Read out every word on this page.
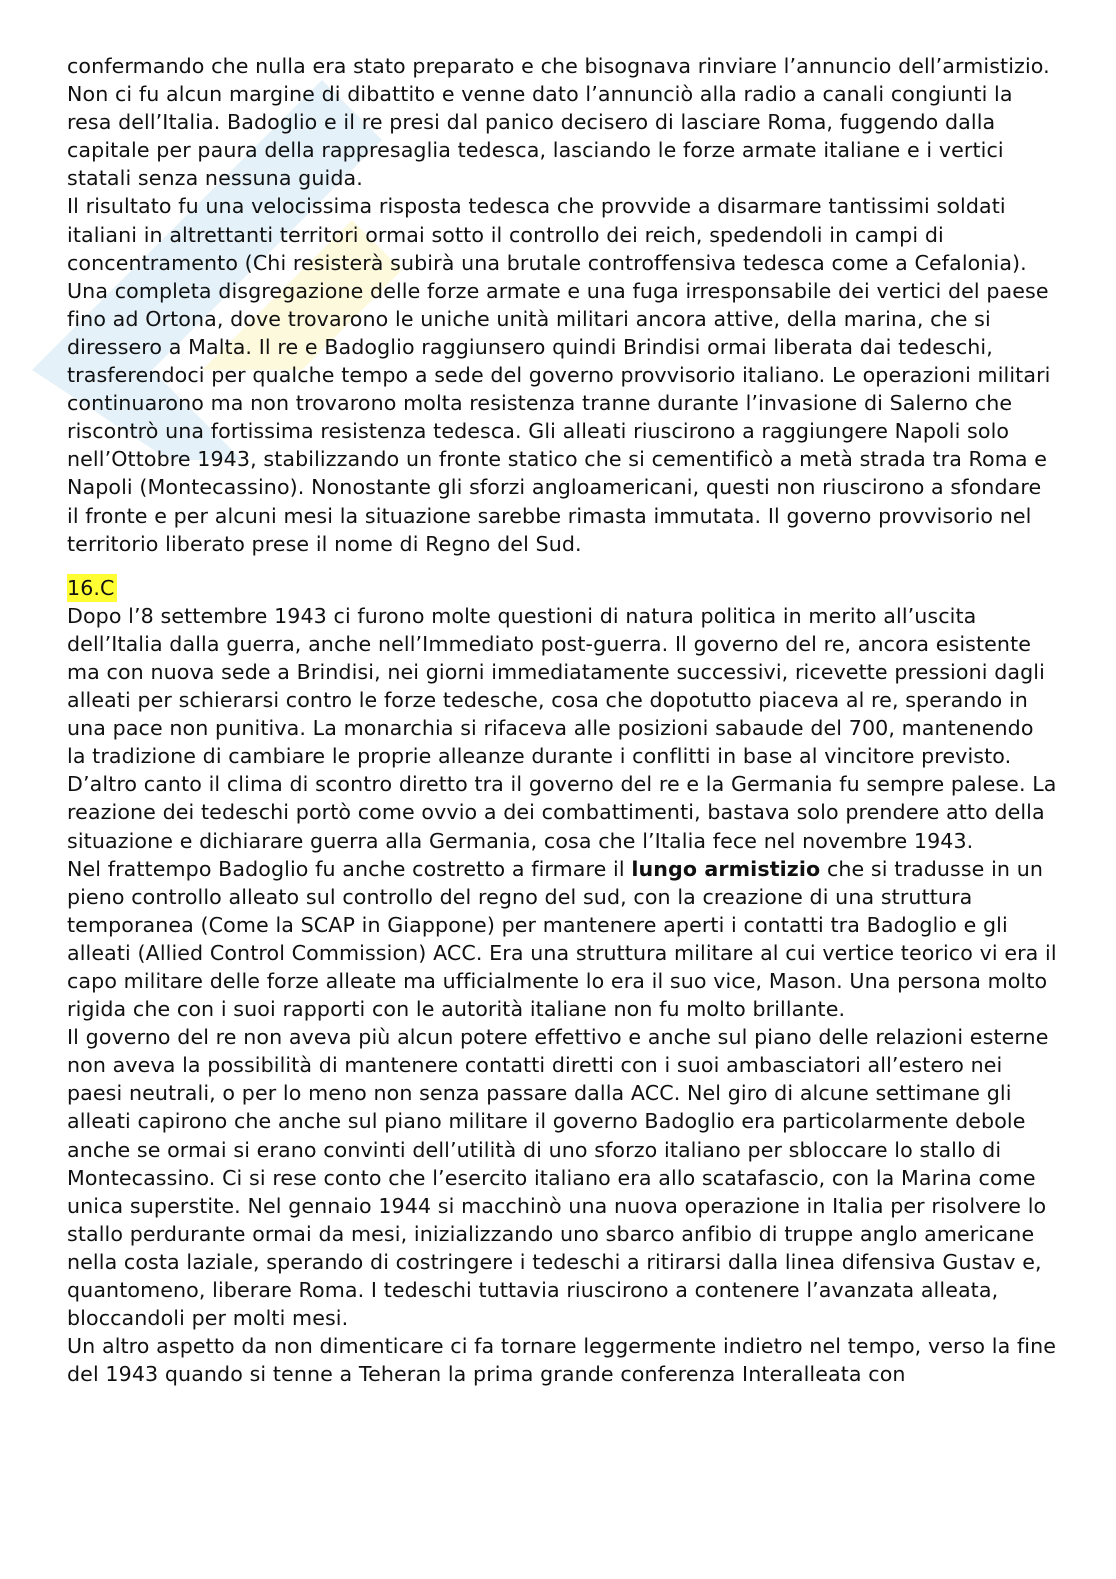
confermando che nulla era stato preparato e che bisognava rinviare l’annuncio dell’armistizio. Non ci fu alcun margine di dibattito e venne dato l’annunciò alla radio a canali congiunti la resa dell’Italia. Badoglio e il re presi dal panico decisero di lasciare Roma, fuggendo dalla capitale per paura della rappresaglia tedesca, lasciando le forze armate italiane e i vertici statali senza nessuna guida.

Il risultato fu una velocissima risposta tedesca che provvide a disarmare tantissimi soldati italiani in altrettanti territori ormai sotto il controllo dei reich, spedendoli in campi di concentramento (Chi resisterà subirà una brutale controffensiva tedesca come a Cefalonia). Una completa disgregazione delle forze armate e una fuga irresponsabile dei vertici del paese fino ad Ortona, dove trovarono le uniche unità militari ancora attive, della marina, che si diressero a Malta. Il re e Badoglio raggiunsero quindi Brindisi ormai liberata dai tedeschi, trasferendoci per qualche tempo a sede del governo provvisorio italiano. Le operazioni militari continuarono ma non trovarono molta resistenza tranne durante l’invasione di Salerno che riscontrò una fortissima resistenza tedesca. Gli alleati riuscirono a raggiungere Napoli solo nell’Ottobre 1943, stabilizzando un fronte statico che si cementificò a metà strada tra Roma e Napoli (Montecassino). Nonostante gli sforzi angloamericani, questi non riuscirono a sfondare il fronte e per alcuni mesi la situazione sarebbe rimasta immutata. Il governo provvisorio nel territorio liberato prese il nome di Regno del Sud.

16.C

Dopo l’8 settembre 1943 ci furono molte questioni di natura politica in merito all’uscita dell’Italia dalla guerra, anche nell’Immediato post-guerra. Il governo del re, ancora esistente ma con nuova sede a Brindisi, nei giorni immediatamente successivi, ricevette pressioni dagli alleati per schierarsi contro le forze tedesche, cosa che dopotutto piaceva al re, sperando in una pace non punitiva. La monarchia si rifaceva alle posizioni sabaude del 700, mantenendo la tradizione di cambiare le proprie alleanze durante i conflitti in base al vincitore previsto. D’altro canto il clima di scontro diretto tra il governo del re e la Germania fu sempre palese. La reazione dei tedeschi portò come ovvio a dei combattimenti, bastava solo prendere atto della situazione e dichiarare guerra alla Germania, cosa che l’Italia fece nel novembre 1943.

Nel frattempo Badoglio fu anche costretto a firmare il lungo armistizio che si tradusse in un pieno controllo alleato sul controllo del regno del sud, con la creazione di una struttura temporanea (Come la SCAP in Giappone) per mantenere aperti i contatti tra Badoglio e gli alleati (Allied Control Commission) ACC. Era una struttura militare al cui vertice teorico vi era il capo militare delle forze alleate ma ufficialmente lo era il suo vice, Mason. Una persona molto rigida che con i suoi rapporti con le autorità italiane non fu molto brillante.

Il governo del re non aveva più alcun potere effettivo e anche sul piano delle relazioni esterne non aveva la possibilità di mantenere contatti diretti con i suoi ambasciatori all’estero nei paesi neutrali, o per lo meno non senza passare dalla ACC. Nel giro di alcune settimane gli alleati capirono che anche sul piano militare il governo Badoglio era particolarmente debole anche se ormai si erano convinti dell’utilità di uno sforzo italiano per sbloccare lo stallo di Montecassino. Ci si rese conto che l’esercito italiano era allo scatafascio, con la Marina come unica superstite. Nel gennaio 1944 si macchinò una nuova operazione in Italia per risolvere lo stallo perdurante ormai da mesi, inizializzando uno sbarco anfibio di truppe anglo americane nella costa laziale, sperando di costringere i tedeschi a ritirarsi dalla linea difensiva Gustav e, quantomeno, liberare Roma. I tedeschi tuttavia riuscirono a contenere l’avanzata alleata, bloccandoli per molti mesi.

Un altro aspetto da non dimenticare ci fa tornare leggermente indietro nel tempo, verso la fine del 1943 quando si tenne a Teheran la prima grande conferenza Interalleata con
